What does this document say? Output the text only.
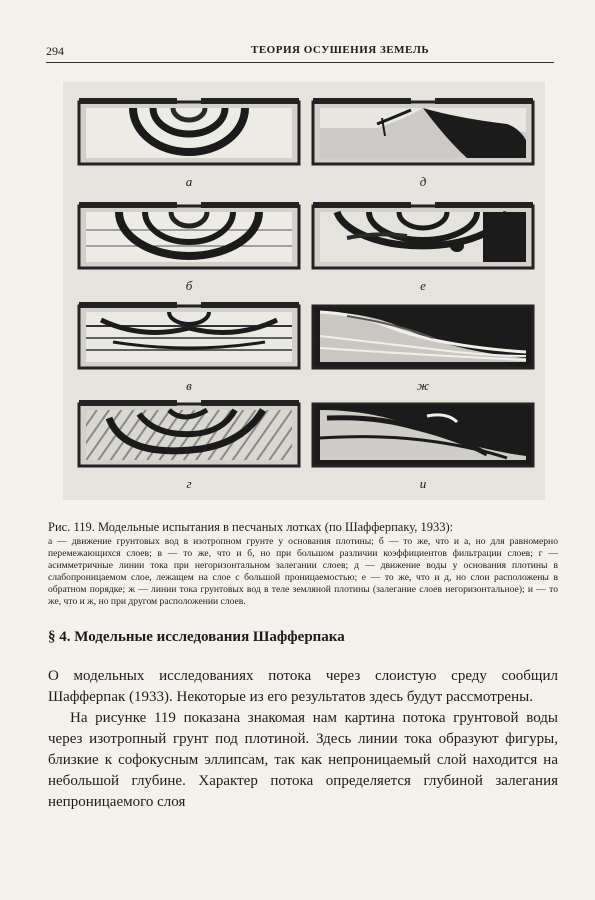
294	ТЕОРИЯ ОСУШЕНИЯ ЗЕМЕЛЬ
а	д
б	е
в	ж
г	и
Рис. 119. Модельные испытания в песчаных лотках (по Шафферпаку, 1933):
а — движение грунтовых вод в изотропном грунте у основания плотины; б — то же, что и а, но для равномерно перемежающихся слоев; в — то же, что и б, но при большом различии коэффициентов фильтрации слоев; г — асимметричные линии тока при негоризонтальном залегании слоев; д — движение воды у основания плотины в слабопроницаемом слое, лежащем на слое с большой проницаемостью; е — то же, что и д, но слои расположены в обратном порядке; ж — линии тока грунтовых вод в теле земляной плотины (залегание слоев негоризонтальное); и — то же, что и ж, но при другом расположении слоев.
§ 4. Модельные исследования Шафферпака

О модельных исследованиях потока через слоистую среду сообщил Шафферпак (1933). Некоторые из его результатов здесь будут рассмотрены.

На рисунке 119 показана знакомая нам картина потока грунтовой воды через изотропный грунт под плотиной. Здесь линии тока образуют фигуры, близкие к софокусным эллипсам, так как непроницаемый слой находится на небольшой глубине. Характер потока определяется глубиной залегания непроницаемого слоя
